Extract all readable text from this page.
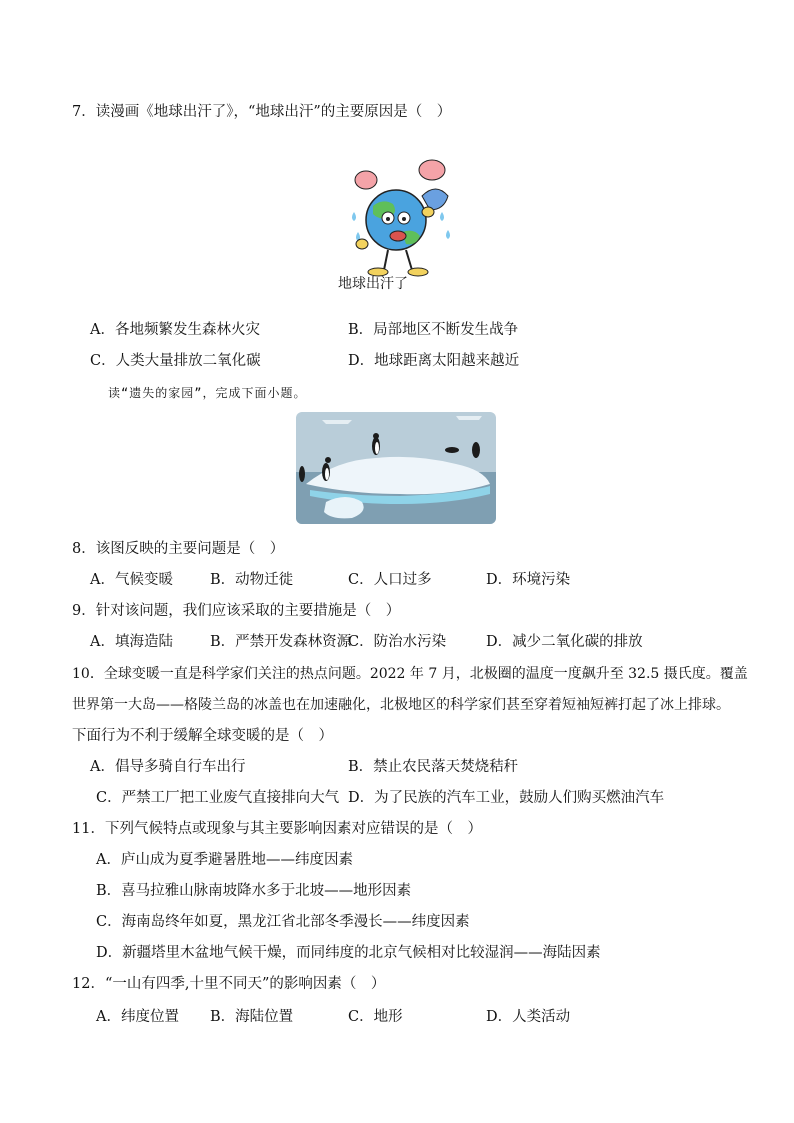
7．读漫画《地球出汗了》，“地球出汗”的主要原因是（　）
地球出汗了
A．各地频繁发生森林火灾	B．局部地区不断发生战争
C．人类大量排放二氧化碳	D．地球距离太阳越来越近
读“遗失的家园”，完成下面小题。
8．该图反映的主要问题是（　）
A．气候变暖	B．动物迁徙	C．人口过多	D．环境污染
9．针对该问题，我们应该采取的主要措施是（　）
A．填海造陆	B．严禁开发森林资源
C．防治水污染	D．减少二氧化碳的排放
10．全球变暖一直是科学家们关注的热点问题。2022 年 7 月，北极圈的温度一度飙升至 32.5 摄氏度。覆盖
世界第一大岛——格陵兰岛的冰盖也在加速融化，北极地区的科学家们甚至穿着短袖短裤打起了冰上排球。
下面行为不利于缓解全球变暖的是（　）
A．倡导多骑自行车出行	B．禁止农民落天焚烧秸秆
C．严禁工厂把工业废气直接排向大气 D．为了民族的汽车工业，鼓励人们购买燃油汽车
11．下列气候特点或现象与其主要影响因素对应错误的是（　）
A．庐山成为夏季避暑胜地——纬度因素
B．喜马拉雅山脉南坡降水多于北坡——地形因素
C．海南岛终年如夏，黑龙江省北部冬季漫长——纬度因素
D．新疆塔里木盆地气候干燥，而同纬度的北京气候相对比较湿润——海陆因素
12．“一山有四季,十里不同天”的影响因素（　）
A．纬度位置 B．海陆位置	C．地形	D．人类活动
